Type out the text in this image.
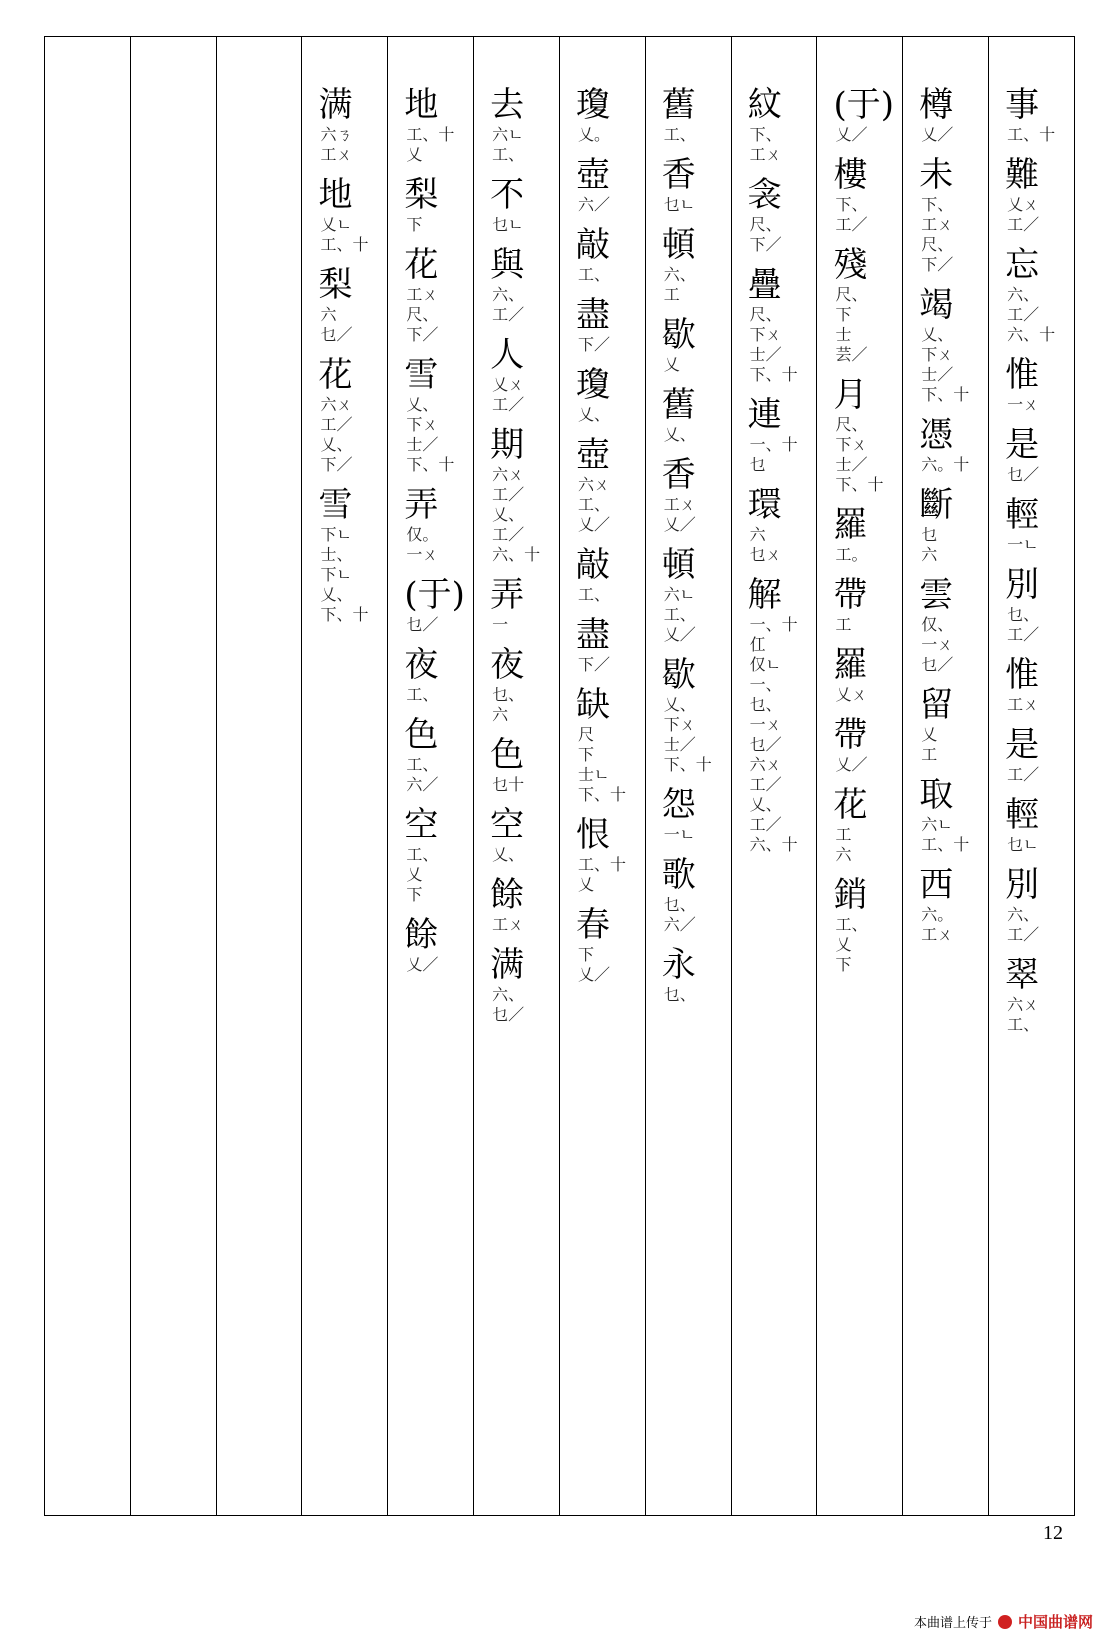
满
六ㄋ
工ㄨ
地
乂ㄴ
工、十
梨
六
乜／
花
六ㄨ
工／
乂、
下／
雪
下ㄴ
士、
下ㄴ
乂、
下、十
地
工、十
乂
梨
下
花
工ㄨ
尺、
下／
雪
乂、
下ㄨ
士／
下、十
弄
仅。
一ㄨ
(于)
乜／
夜
工、
色
工、
六／
空
工、
乂
下
餘
乂／
去
六ㄴ
工、
不
乜ㄴ
與
六、
工／
人
乂ㄨ
工／
期
六ㄨ
工／
乂、
工／
六、十
弄
一
夜
乜、
六
色
乜十
空
乂、
餘
工ㄨ
满
六、
乜／
瓊
乂。
壺
六／
敲
工、
盡
下／
瓊
乂、
壺
六ㄨ
工、
乂／
敲
工、
盡
下／
缺
尺
下
士ㄴ
下、十
恨
工、十
乂
春
下
乂／
舊
工、
香
乜ㄴ
頓
六、
工
歇
乂
舊
乂、
香
工ㄨ
乂／
頓
六ㄴ
工、
乂／
歇
乂、
下ㄨ
士／
下、十
怨
一ㄴ
歌
乜、
六／
永
乜、
紋
下、
工ㄨ
衾
尺、
下／
疊
尺、
下ㄨ
士／
下、十
連
一、十
乜
環
六
乜ㄨ
解
一、十
仜
仅ㄴ
一、
乜、
一ㄨ
乜／
六ㄨ
工／
乂、
工／
六、十
(于)
乂／
樓
下、
工／
殘
尺、
下
士
芸／
月
尺、
下ㄨ
士／
下、十
羅
工。
帶
工
羅
乂ㄨ
帶
乂／
花
工
六
銷
工、
乂
下
樽
乂／
未
下、
工ㄨ
尺、
下／
竭
乂、
下ㄨ
士／
下、十
憑
六。十
斷
乜
六
雲
仅、
一ㄨ
乜／
留
乂
工
取
六ㄴ
工、十
西
六。
工ㄨ
事
工、十
難
乂ㄨ
工／
忘
六、
工／
六、十
惟
一ㄨ
是
乜／
輕
一ㄴ
別
乜、
工／
惟
工ㄨ
是
工／
輕
乜ㄴ
別
六、
工／
翠
六ㄨ
工、
12
本曲谱上传于 中国曲谱网
